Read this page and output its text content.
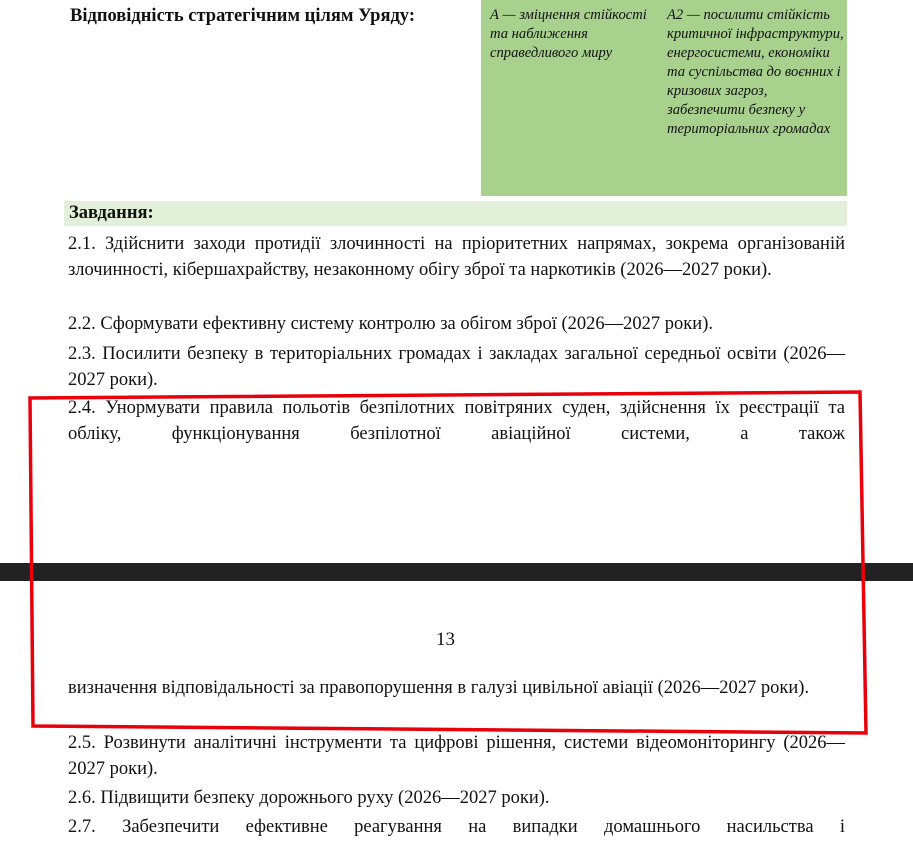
Відповідність стратегічним цілям Уряду:	А — зміцнення стійкості та наближення справедливого миру
А2 — посилити стійкість критичної інфраструктури, енергосистеми, економіки та суспільства до воєнних і кризових загроз, забезпечити безпеку у територіальних громадах
Завдання:
2.1. Здійснити заходи протидії злочинності на пріоритетних напрямах, зокрема організованій злочинності, кібершахрайству, незаконному обігу зброї та наркотиків (2026—2027 роки).
2.2. Сформувати ефективну систему контролю за обігом зброї (2026—2027 роки).
2.3. Посилити безпеку в територіальних громадах і закладах загальної середньої освіти (2026—2027 роки).
2.4. Унормувати правила польотів безпілотних повітряних суден, здійснення їх реєстрації та обліку, функціонування безпілотної авіаційної системи, а також
13
визначення відповідальності за правопорушення в галузі цивільної авіації (2026—2027 роки).
2.5. Розвинути аналітичні інструменти та цифрові рішення, системи відеомоніторингу (2026—2027 роки).
2.6. Підвищити безпеку дорожнього руху (2026—2027 роки).
2.7. Забезпечити ефективне реагування на випадки домашнього насильства і
